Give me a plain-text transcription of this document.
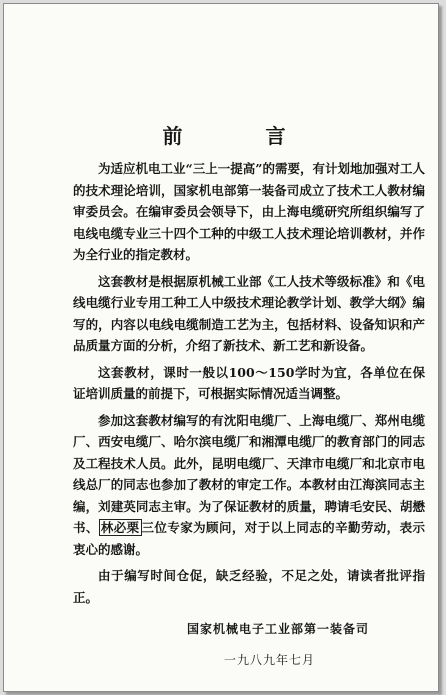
前 言

为适应机电工业“三上一提高”的需要，有计划地加强对工人的技术理论培训，国家机电部第一装备司成立了技术工人教材编审委员会。在编审委员会领导下，由上海电缆研究所组织编写了电线电缆专业三十四个工种的中级工人技术理论培训教材，并作为全行业的指定教材。

这套教材是根据原机械工业部《工人技术等级标准》和《电线电缆行业专用工种工人中级技术理论教学计划、教学大纲》编写的，内容以电线电缆制造工艺为主，包括材料、设备知识和产品质量方面的分析，介绍了新技术、新工艺和新设备。

这套教材，课时一般以100～150学时为宜，各单位在保证培训质量的前提下，可根据实际情况适当调整。

参加这套教材编写的有沈阳电缆厂、上海电缆厂、郑州电缆厂、西安电缆厂、哈尔滨电缆厂和湘潭电缆厂的教育部门的同志及工程技术人员。此外，昆明电缆厂、天津市电缆厂和北京市电线总厂的同志也参加了教材的审定工作。本教材由江海滨同志主编，刘建英同志主审。为了保证教材的质量，聘请毛安民、胡懋书、 林必栗 三位专家为顾问，对于以上同志的辛勤劳动，表示衷心的感谢。

由于编写时间仓促，缺乏经验，不足之处，请读者批评指正。

国家机械电子工业部第一装备司
一九八九年七月
